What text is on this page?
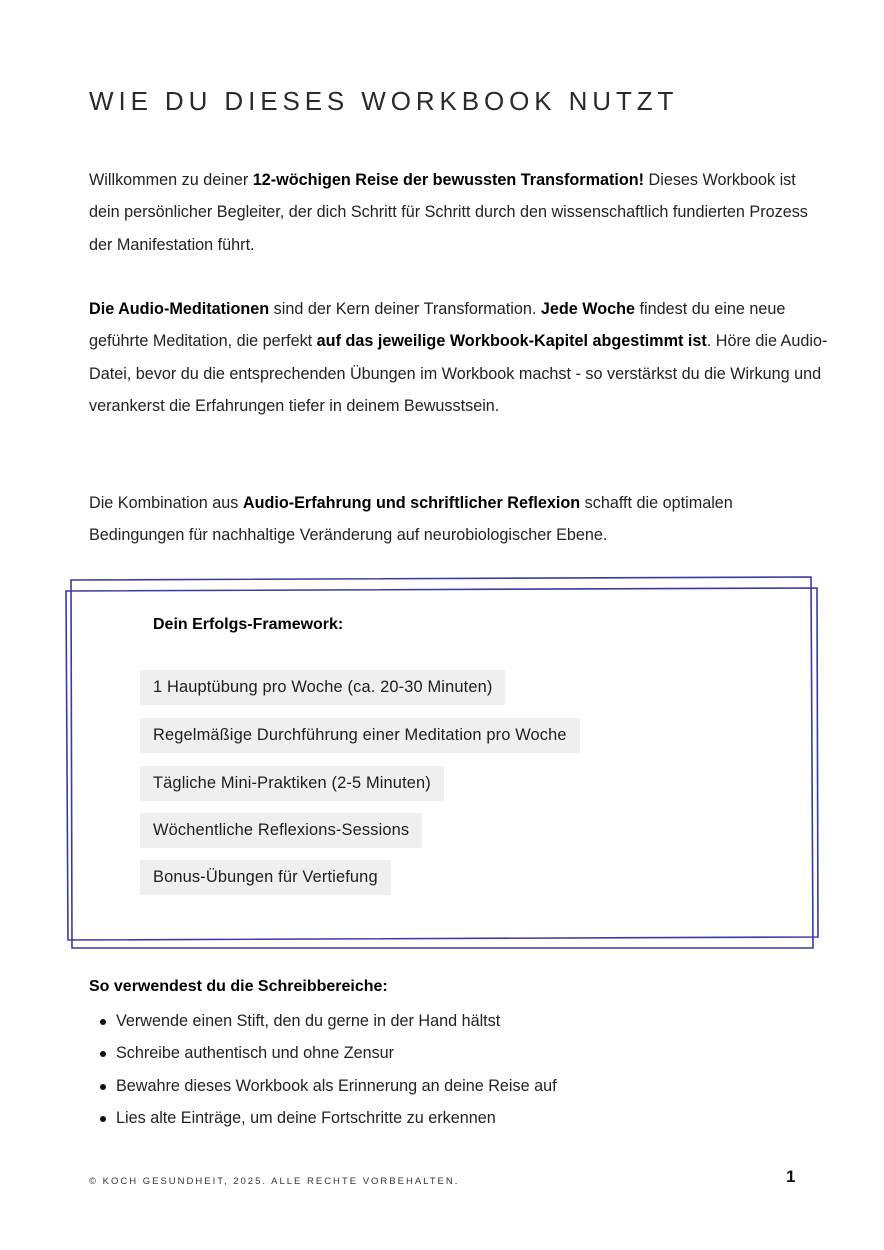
WIE DU DIESES WORKBOOK NUTZT

Willkommen zu deiner 12-wöchigen Reise der bewussten Transformation! Dieses Workbook ist dein persönlicher Begleiter, der dich Schritt für Schritt durch den wissenschaftlich fundierten Prozess der Manifestation führt.

Die Audio-Meditationen sind der Kern deiner Transformation. Jede Woche findest du eine neue geführte Meditation, die perfekt auf das jeweilige Workbook-Kapitel abgestimmt ist. Höre die Audio-Datei, bevor du die entsprechenden Übungen im Workbook machst - so verstärkst du die Wirkung und verankerst die Erfahrungen tiefer in deinem Bewusstsein.

Die Kombination aus Audio-Erfahrung und schriftlicher Reflexion schafft die optimalen Bedingungen für nachhaltige Veränderung auf neurobiologischer Ebene.

Dein Erfolgs-Framework:
1 Hauptübung pro Woche (ca. 20-30 Minuten)
Regelmäßige Durchführung einer Meditation pro Woche
Tägliche Mini-Praktiken (2-5 Minuten)
Wöchentliche Reflexions-Sessions
Bonus-Übungen für Vertiefung
So verwendest du die Schreibbereiche:
Verwende einen Stift, den du gerne in der Hand hältst
Schreibe authentisch und ohne Zensur
Bewahre dieses Workbook als Erinnerung an deine Reise auf
Lies alte Einträge, um deine Fortschritte zu erkennen
© KOCH GESUNDHEIT, 2025. ALLE RECHTE VORBEHALTEN.	1
